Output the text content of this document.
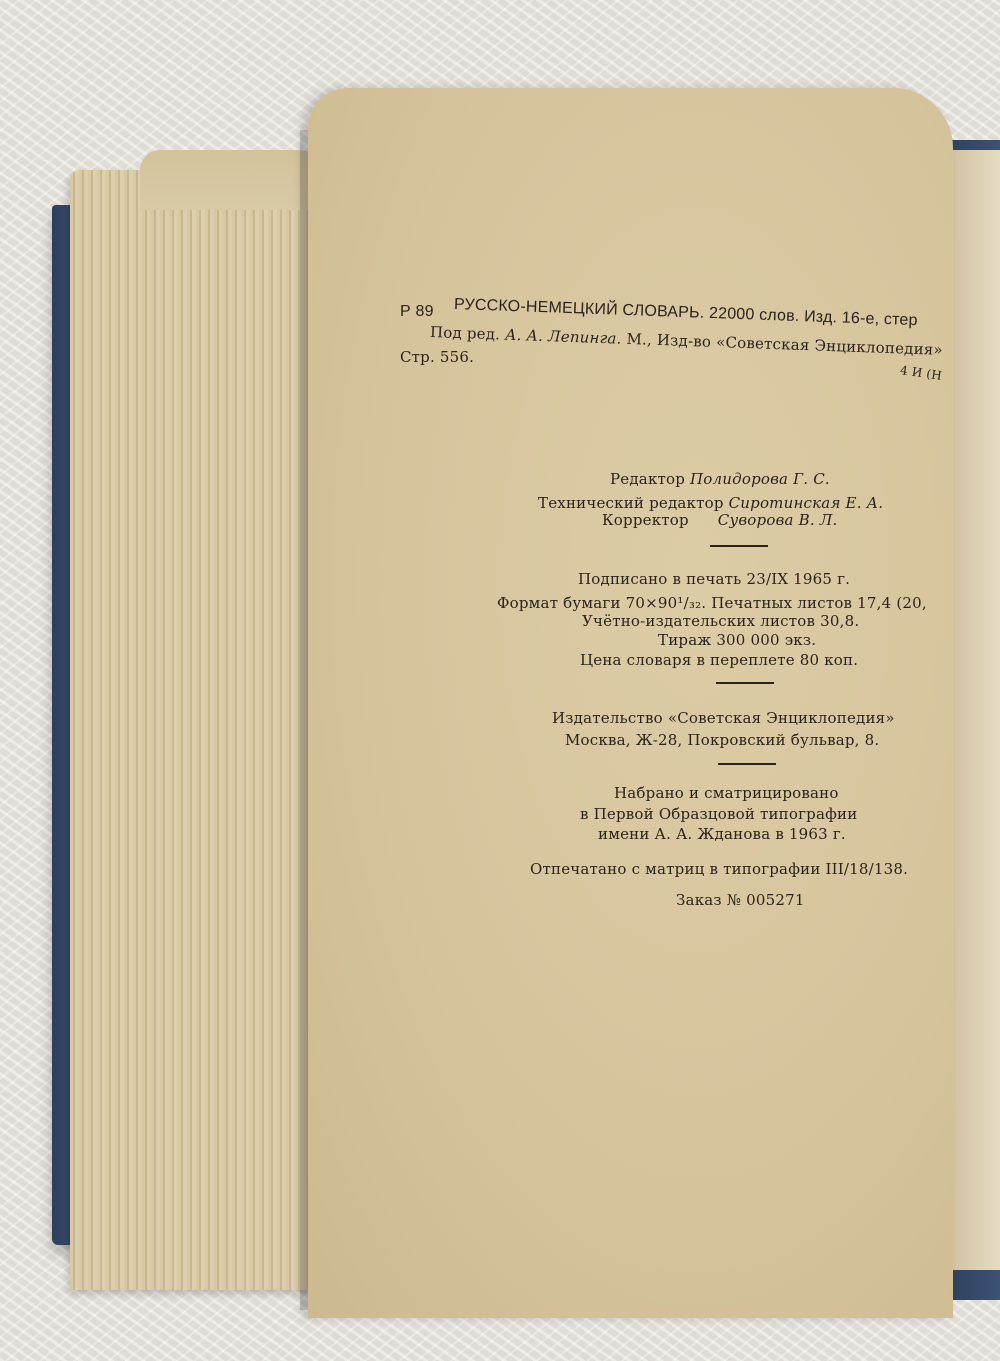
Р 89 РУССКО-НЕМЕЦКИЙ СЛОВАРЬ. 22000 слов. Изд. 16-е, стер
Под ред. А. А. Лепинга. М., Изд-во «Советская Энциклопедия»
Стр. 556.
4 И (Н
Редактор Полидорова Г. С.
Технический редактор Сиротинская Е. А.
Корректор Суворова В. Л.
Подписано в печать 23/IX 1965 г.
Формат бумаги 70×90¹/₃₂. Печатных листов 17,4 (20,
Учётно-издательских листов 30,8.
Тираж 300 000 экз.
Цена словаря в переплете 80 коп.
Издательство «Советская Энциклопедия»
Москва, Ж-28, Покровский бульвар, 8.
Набрано и сматрицировано
в Первой Образцовой типографии
имени А. А. Жданова в 1963 г.
Отпечатано с матриц в типографии III/18/138.
Заказ № 005271
